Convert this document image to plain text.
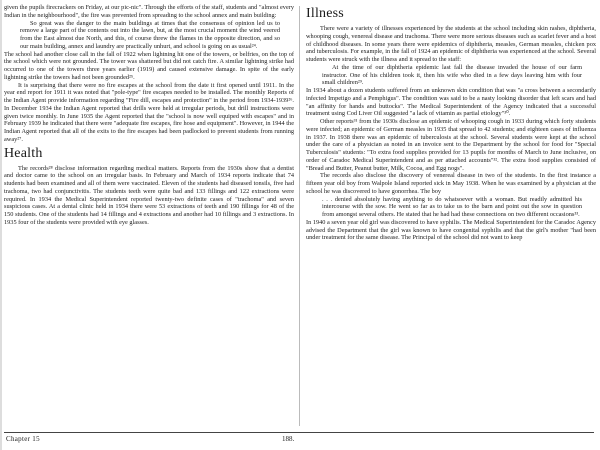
given the pupils firecrackers on Friday, at our pic-nic". Through the efforts of the staff, students and "almost every Indian in the neighbourhood", the fire was prevented from spreading to the school annex and main building:

So great was the danger to the main buildings at times that the consensus of opinion led us to remove a large part of the contents out into the lawn, but, at the most crucial moment the wind veered from the East almost due North, and this, of course threw the flames in the opposite direction, and so our main building, annex and laundry are practically unhurt, and school is going on as usual²⁴.

The school had another close call in the fall of 1922 when lightning hit one of the towers, or belfries, on the top of the school which were not grounded. The tower was shattered but did not catch fire. A similar lightning strike had occurred to one of the towers three years earlier (1919) and caused extensive damage. In spite of the early lightning strike the towers had not been grounded²⁵.

It is surprising that there were no fire escapes at the school from the date it first opened until 1911. In the year end report for 1911 it was noted that "pole-type" fire escapes needed to be installed. The monthly Reports of the Indian Agent provide information regarding "Fire dill, escapes and protection" in the period from 1934-1939²⁶. In December 1934 the Indian Agent reported that drills were held at irregular periods, but drill instructions were given twice monthly. In June 1935 the Agent reported that the "school is now well equiped with escapes" and in February 1939 he indicated that there were "adequate fire escapes, fire hose and equipment". However, in 1944 the Indian Agent reported that all of the exits to the fire escapes had been padlocked to prevent students from running away²⁷.

Health

The records²⁸ disclose information regarding medical matters. Reports from the 1930s show that a dentist and doctor came to the school on an irregular basis. In February and March of 1934 reports indicate that 74 students had been examined and all of them were vaccinated. Eleven of the students had diseased tonsils, five had trachoma, two had conjunctivitis. The students teeth were quite bad and 133 fillings and 122 extractions were required. In 1934 the Medical Superintendent reported twenty-two definite cases of "trachoma" and seven suspicious cases. At a dental clinic held in 1934 there were 53 extractions of teeth and 190 fillings for 48 of the 150 students. One of the students had 14 fillings and 4 extractions and another had 10 fillings and 3 extractions. In 1935 four of the students were provided with eye glasses.

Illness

There were a variety of illnesses experienced by the students at the school including skin rashes, diphtheria, whooping cough, venereal disease and trachoma. There were more serious diseases such as scarlet fever and a host of childhood diseases. In some years there were epidemics of diphtheria, measles, German measles, chicken pox and tuberculosis. For example, in the fall of 1924 an epidemic of diphtheria was experienced at the school. Several students were struck with the illness and it spread to the staff:

At the time of our diphtheria epidemic last fall the disease invaded the house of our farm instructor. One of his children took it, then his wife who died in a few days leaving him with four small children²⁹.

In 1934 about a dozen students suffered from an unknown skin condition that was "a cross between a secondarily infected Impetigo and a Pemphigus". The condition was said to be a nasty looking disorder that left scars and had "an affinity for hands and buttocks". The Medical Superintendent of the Agency indicated that a successful treatment using Cod Liver Oil suggested "a lack of vitamin as partial etiology"³⁰.

Other reports³¹ from the 1930s disclose an epidemic of whooping cough in 1933 during which forty students were infected; an epidemic of German measles in 1935 that spread to 42 students; and eighteen cases of influenza in 1937. In 1938 there was an epidemic of tuberculosis at the school. Several students were kept at the school under the care of a physician as noted in an invoice sent to the Department by the school for food for "Special Tuberculosis" students: "To extra food supplies provided for 13 pupils for months of March to June inclusive, on order of Caradoc Medical Superintendent and as per attached accounts"³². The extra food supplies consisted of "Bread and Butter, Peanut butter, Milk, Cocoa, and Egg nogs".

The records also disclose the discovery of venereal disease in two of the students. In the first instance a fifteen year old boy from Walpole Island reported sick in May 1938. When he was examined by a physician at the school he was discovered to have gonorrhea. The boy

. . . denied absolutely having anything to do whatsoever with a woman. But readily admitted his intercourse with the sow. He went so far as to take us to the barn and point out the sow in question from amongst several others. He stated that he had had these connections on two different occasions³³.

In 1940 a seven year old girl was discovered to have syphilis. The Medical Superintendent for the Caradoc Agency advised the Department that the girl was known to have congenital syphilis and that the girl's mother "had been under treatment for the same disease. The Principal of the school did not want to keep

Chapter 15	188.
